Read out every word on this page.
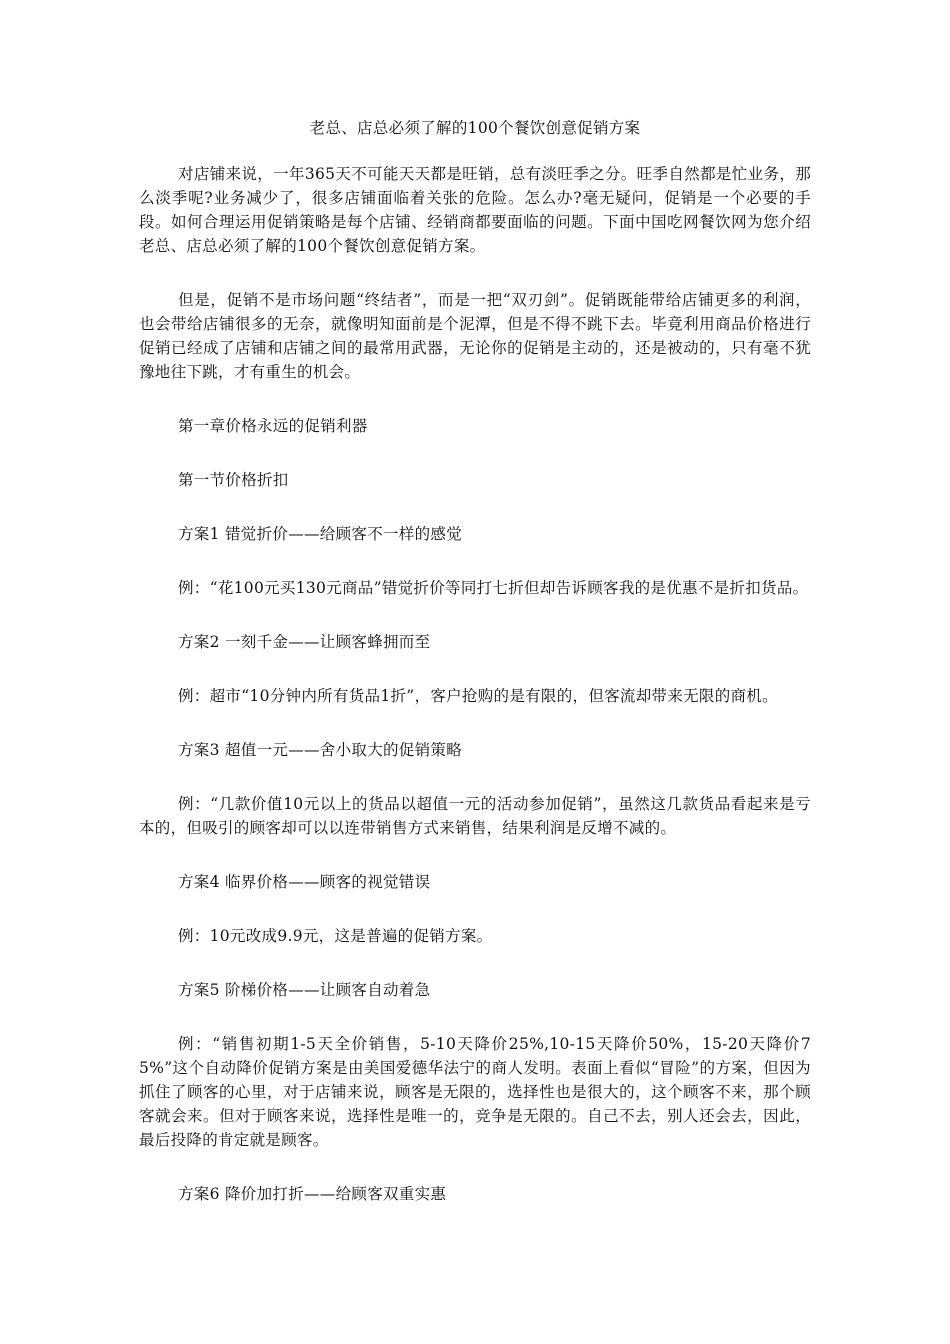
老总、店总必须了解的100个餐饮创意促销方案

对店铺来说，一年365天不可能天天都是旺销，总有淡旺季之分。旺季自然都是忙业务，那么淡季呢?业务减少了，很多店铺面临着关张的危险。怎么办?毫无疑问，促销是一个必要的手段。如何合理运用促销策略是每个店铺、经销商都要面临的问题。下面中国吃网餐饮网为您介绍老总、店总必须了解的100个餐饮创意促销方案。

但是，促销不是市场问题“终结者”，而是一把“双刃剑”。促销既能带给店铺更多的利润，也会带给店铺很多的无奈，就像明知面前是个泥潭，但是不得不跳下去。毕竟利用商品价格进行促销已经成了店铺和店铺之间的最常用武器，无论你的促销是主动的，还是被动的，只有毫不犹豫地往下跳，才有重生的机会。

第一章价格永远的促销利器

第一节价格折扣

方案1 错觉折价——给顾客不一样的感觉

例：“花100元买130元商品”错觉折价等同打七折但却告诉顾客我的是优惠不是折扣货品。

方案2 一刻千金——让顾客蜂拥而至

例：超市“10分钟内所有货品1折”，客户抢购的是有限的，但客流却带来无限的商机。

方案3 超值一元——舍小取大的促销策略

例：“几款价值10元以上的货品以超值一元的活动参加促销”，虽然这几款货品看起来是亏本的，但吸引的顾客却可以以连带销售方式来销售，结果利润是反增不减的。

方案4 临界价格——顾客的视觉错误

例：10元改成9.9元，这是普遍的促销方案。

方案5 阶梯价格——让顾客自动着急

例：“销售初期1-5天全价销售，5-10天降价25%,10-15天降价50%，15-20天降价75%”这个自动降价促销方案是由美国爱德华法宁的商人发明。表面上看似“冒险”的方案，但因为抓住了顾客的心里，对于店铺来说，顾客是无限的，选择性也是很大的，这个顾客不来，那个顾客就会来。但对于顾客来说，选择性是唯一的，竞争是无限的。自己不去，别人还会去，因此，最后投降的肯定就是顾客。

方案6 降价加打折——给顾客双重实惠
